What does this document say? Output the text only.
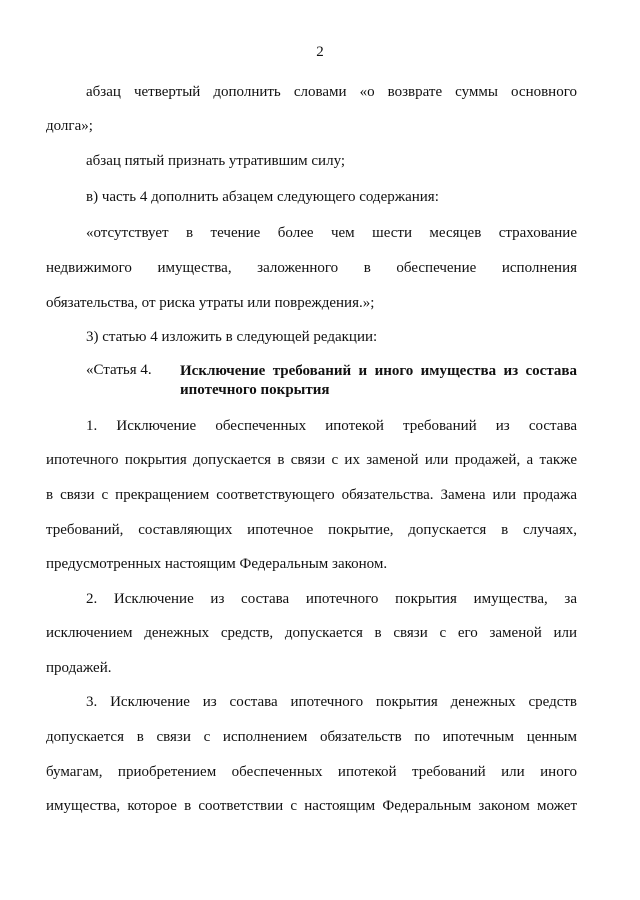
2
абзац четвертый дополнить словами «о возврате суммы основного
долга»;
абзац пятый признать утратившим силу;
в) часть 4 дополнить абзацем следующего содержания:
«отсутствует в течение более чем шести месяцев страхование
недвижимого имущества, заложенного в обеспечение исполнения
обязательства, от риска утраты или повреждения.»;
3) статью 4 изложить в следующей редакции:
«Статья 4. Исключение требований и иного имущества из состава ипотечного покрытия
1. Исключение обеспеченных ипотекой требований из состава
ипотечного покрытия допускается в связи с их заменой или продажей, а также
в связи с прекращением соответствующего обязательства. Замена или продажа
требований, составляющих ипотечное покрытие, допускается в случаях,
предусмотренных настоящим Федеральным законом.
2. Исключение из состава ипотечного покрытия имущества, за
исключением денежных средств, допускается в связи с его заменой или
продажей.
3. Исключение из состава ипотечного покрытия денежных средств
допускается в связи с исполнением обязательств по ипотечным ценным
бумагам, приобретением обеспеченных ипотекой требований или иного
имущества, которое в соответствии с настоящим Федеральным законом может
